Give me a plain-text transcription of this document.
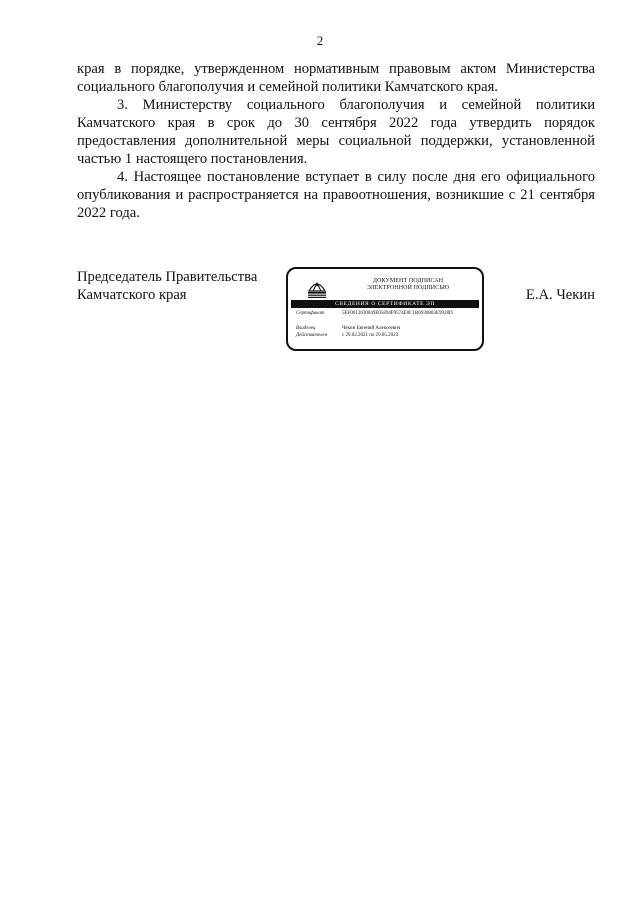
2

края в порядке, утвержденном нормативным правовым актом Министерства социального благополучия и семейной политики Камчатского края.

3. Министерству социального благополучия и семейной политики Камчатского края в срок до 30 сентября 2022 года утвердить порядок предоставления дополнительной меры социальной поддержки, установленной частью 1 настоящего постановления.

4. Настоящее постановление вступает в силу после дня его официального опубликования и распространяется на правоотношения, возникшие с 21 сентября 2022 года.

Председатель Правительства
Камчатского края
ДОКУМЕНТ ПОДПИСАН
ЭЛЕКТРОННОЙ ПОДПИСЬЮ
СВЕДЕНИЯ О СЕРТИФИКАТЕ ЭП
Сертификат	5EF0612630049E05894F9574E0C1B6930803E9928D
Владелец	Чекин Евгений Алексеевич
Действителен	с 29.02.2021 по 29.05.2023
Е.А. Чекин
